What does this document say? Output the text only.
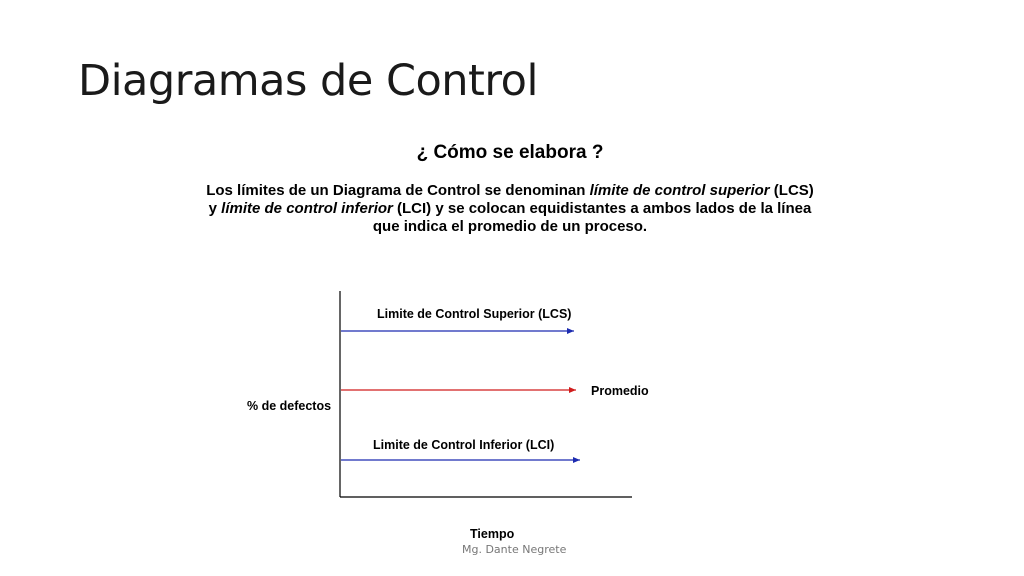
Diagramas de Control
¿ Cómo se elabora ?
Los límites de un Diagrama de Control se denominan límite de control superior (LCS) y límite de control inferior (LCI) y se colocan equidistantes a ambos lados de la línea que indica el promedio de un proceso.
Limite de Control Superior (LCS)
Promedio
% de defectos
Limite de Control Inferior (LCI)
Tiempo
Mg. Dante Negrete
